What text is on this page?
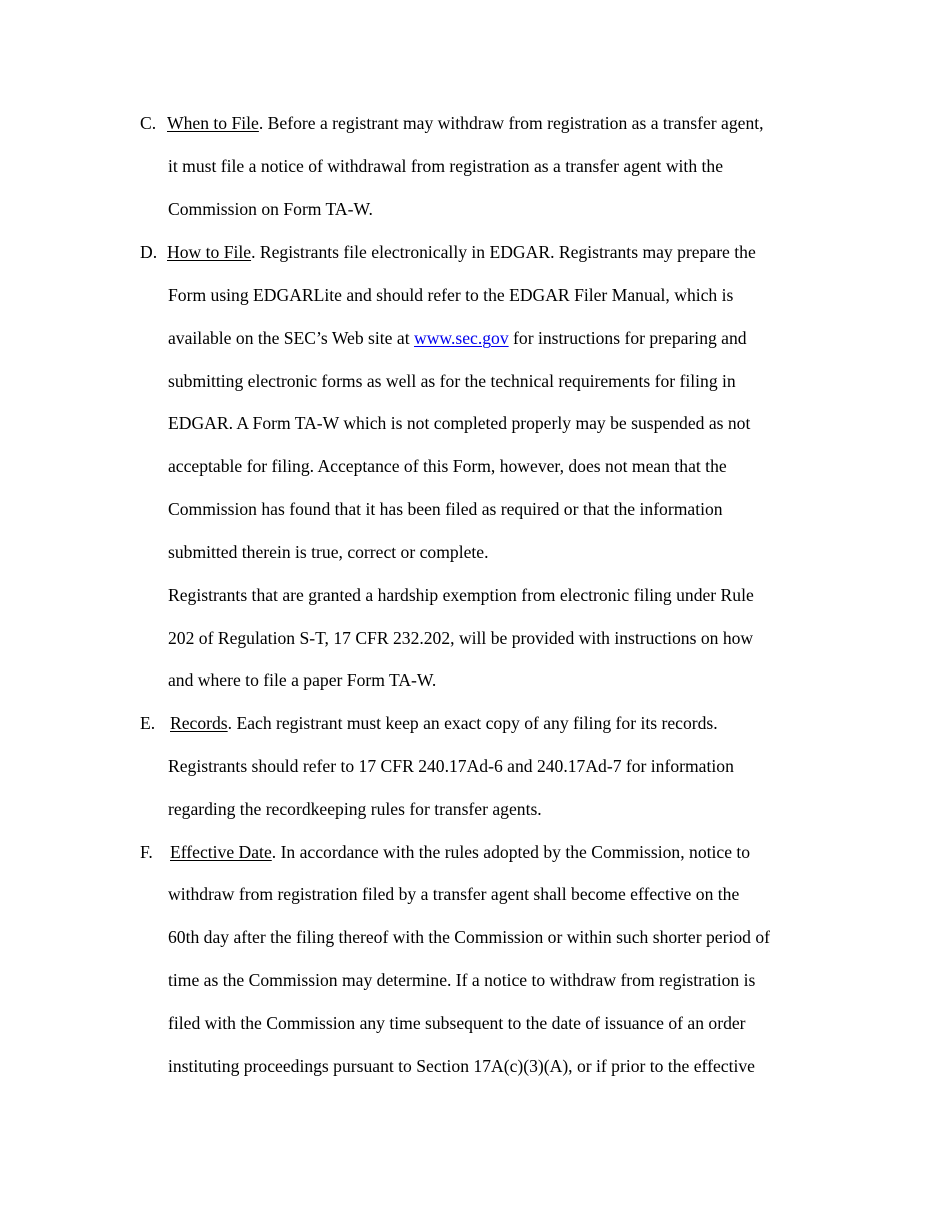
C. When to File. Before a registrant may withdraw from registration as a transfer agent,
it must file a notice of withdrawal from registration as a transfer agent with the
Commission on Form TA-W.
D. How to File. Registrants file electronically in EDGAR. Registrants may prepare the
Form using EDGARLite and should refer to the EDGAR Filer Manual, which is
available on the SEC’s Web site at www.sec.gov for instructions for preparing and
submitting electronic forms as well as for the technical requirements for filing in
EDGAR. A Form TA-W which is not completed properly may be suspended as not
acceptable for filing. Acceptance of this Form, however, does not mean that the
Commission has found that it has been filed as required or that the information
submitted therein is true, correct or complete.
Registrants that are granted a hardship exemption from electronic filing under Rule
202 of Regulation S-T, 17 CFR 232.202, will be provided with instructions on how
and where to file a paper Form TA-W.
E. Records. Each registrant must keep an exact copy of any filing for its records.
Registrants should refer to 17 CFR 240.17Ad-6 and 240.17Ad-7 for information
regarding the recordkeeping rules for transfer agents.
F. Effective Date. In accordance with the rules adopted by the Commission, notice to
withdraw from registration filed by a transfer agent shall become effective on the
60th day after the filing thereof with the Commission or within such shorter period of
time as the Commission may determine. If a notice to withdraw from registration is
filed with the Commission any time subsequent to the date of issuance of an order
instituting proceedings pursuant to Section 17A(c)(3)(A), or if prior to the effective
